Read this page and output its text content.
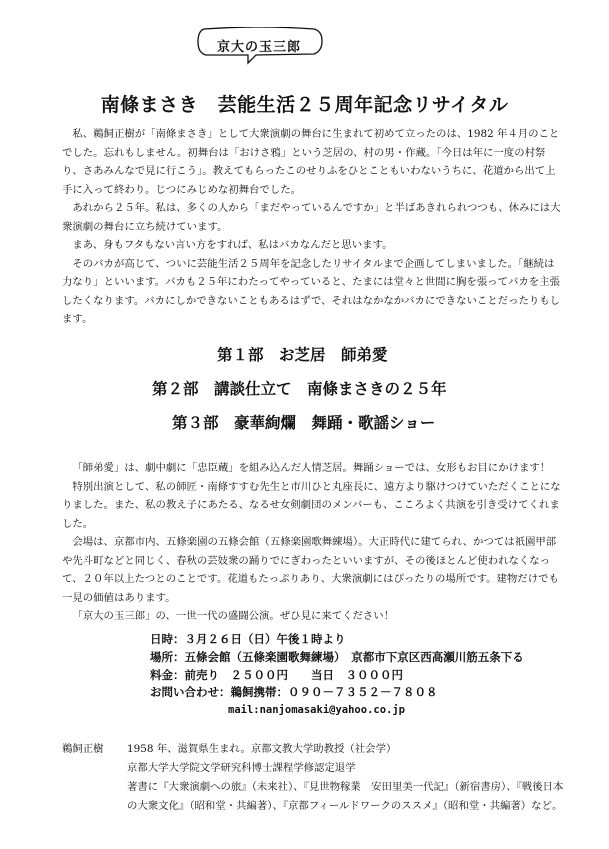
京大の玉三郎
南條まさき　芸能生活２５周年記念リサイタル

私、鵜飼正樹が「南條まさき」として大衆演劇の舞台に生まれて初めて立ったのは、1982 年４月のことでした。忘れもしません。初舞台は「おけさ鴉」という芝居の、村の男・作蔵。「今日は年に一度の村祭り、さあみんなで見に行こう」。教えてもらったこのせりふをひとこともいわないうちに、花道から出て上手に入って終わり。じつにみじめな初舞台でした。

あれから２５年。私は、多くの人から「まだやっているんですか」と半ばあきれられつつも、休みには大衆演劇の舞台に立ち続けています。

まあ、身もフタもない言い方をすれば、私はバカなんだと思います。

そのバカが高じて、ついに芸能生活２５周年を記念したリサイタルまで企画してしまいました。「継続は力なり」といいます。バカも２５年にわたってやっていると、たまには堂々と世間に胸を張ってバカを主張したくなります。バカにしかできないこともあるはずで、それはなかなかバカにできないことだったりもします。

第１部　お芝居　師弟愛
第２部　講談仕立て　南條まさきの２５年
第３部　豪華絢爛　舞踊・歌謡ショー

「師弟愛」は、劇中劇に「忠臣蔵」を組み込んだ人情芝居。舞踊ショーでは、女形もお目にかけます！

特別出演として、私の師匠・南條すすむ先生と市川ひと丸座長に、遠方より駆けつけていただくことになりました。また、私の教え子にあたる、なるせ女剣劇団のメンバーも、こころよく共演を引き受けてくれました。

会場は、京都市内、五條楽園の五條会館（五條楽園歌舞練場）。大正時代に建てられ、かつては祇園甲部や先斗町などと同じく、春秋の芸妓衆の踊りでにぎわったといいますが、その後ほとんど使われなくなって、２０年以上たつとのことです。花道もたっぷりあり、大衆演劇にはぴったりの場所です。建物だけでも一見の価値はあります。

「京大の玉三郎」の、一世一代の盛闘公演。ぜひ見に来てください！

日時：３月２６日（日）午後１時より
場所：五條会館（五條楽園歌舞練場）　京都市下京区西高瀬川筋五条下る
料金：前売り　２５００円　　当日　３０００円
お問い合わせ：鵜飼携帯：０９０－７３５２－７８０８
mail:nanjomasaki@yahoo.co.jp
鵜飼正樹 1958 年、滋賀県生まれ。京都文教大学助教授（社会学）
京都大学大学院文学研究科博士課程学修認定退学
著書に『大衆演劇への旅』（未来社）、『見世物稼業　安田里美一代記』（新宿書房）、『戦後日本の大衆文化』（昭和堂・共編著）、『京都フィールドワークのススメ』（昭和堂・共編著）など。
